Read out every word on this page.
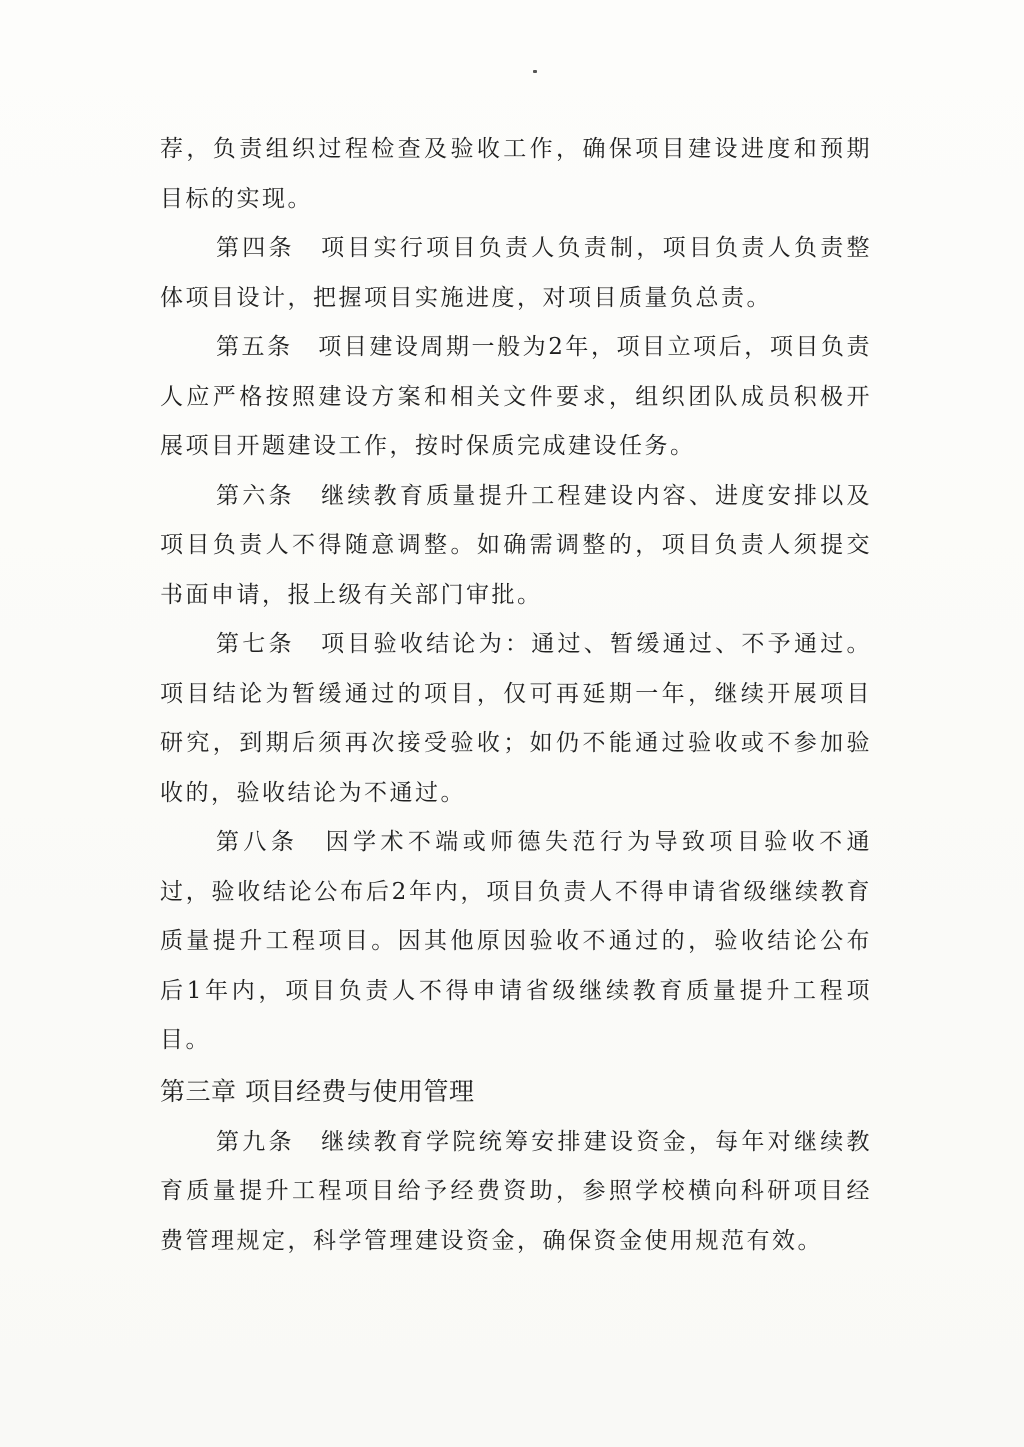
荐，负责组织过程检查及验收工作，确保项目建设进度和预期目标的实现。

第四条　项目实行项目负责人负责制，项目负责人负责整体项目设计，把握项目实施进度，对项目质量负总责。

第五条　项目建设周期一般为2年，项目立项后，项目负责人应严格按照建设方案和相关文件要求，组织团队成员积极开展项目开题建设工作，按时保质完成建设任务。

第六条　继续教育质量提升工程建设内容、进度安排以及项目负责人不得随意调整。如确需调整的，项目负责人须提交书面申请，报上级有关部门审批。

第七条　项目验收结论为：通过、暂缓通过、不予通过。项目结论为暂缓通过的项目，仅可再延期一年，继续开展项目研究，到期后须再次接受验收；如仍不能通过验收或不参加验收的，验收结论为不通过。

第八条　因学术不端或师德失范行为导致项目验收不通过，验收结论公布后2年内，项目负责人不得申请省级继续教育质量提升工程项目。因其他原因验收不通过的，验收结论公布后1年内，项目负责人不得申请省级继续教育质量提升工程项目。

第三章 项目经费与使用管理

第九条　继续教育学院统筹安排建设资金，每年对继续教育质量提升工程项目给予经费资助，参照学校横向科研项目经费管理规定，科学管理建设资金，确保资金使用规范有效。
